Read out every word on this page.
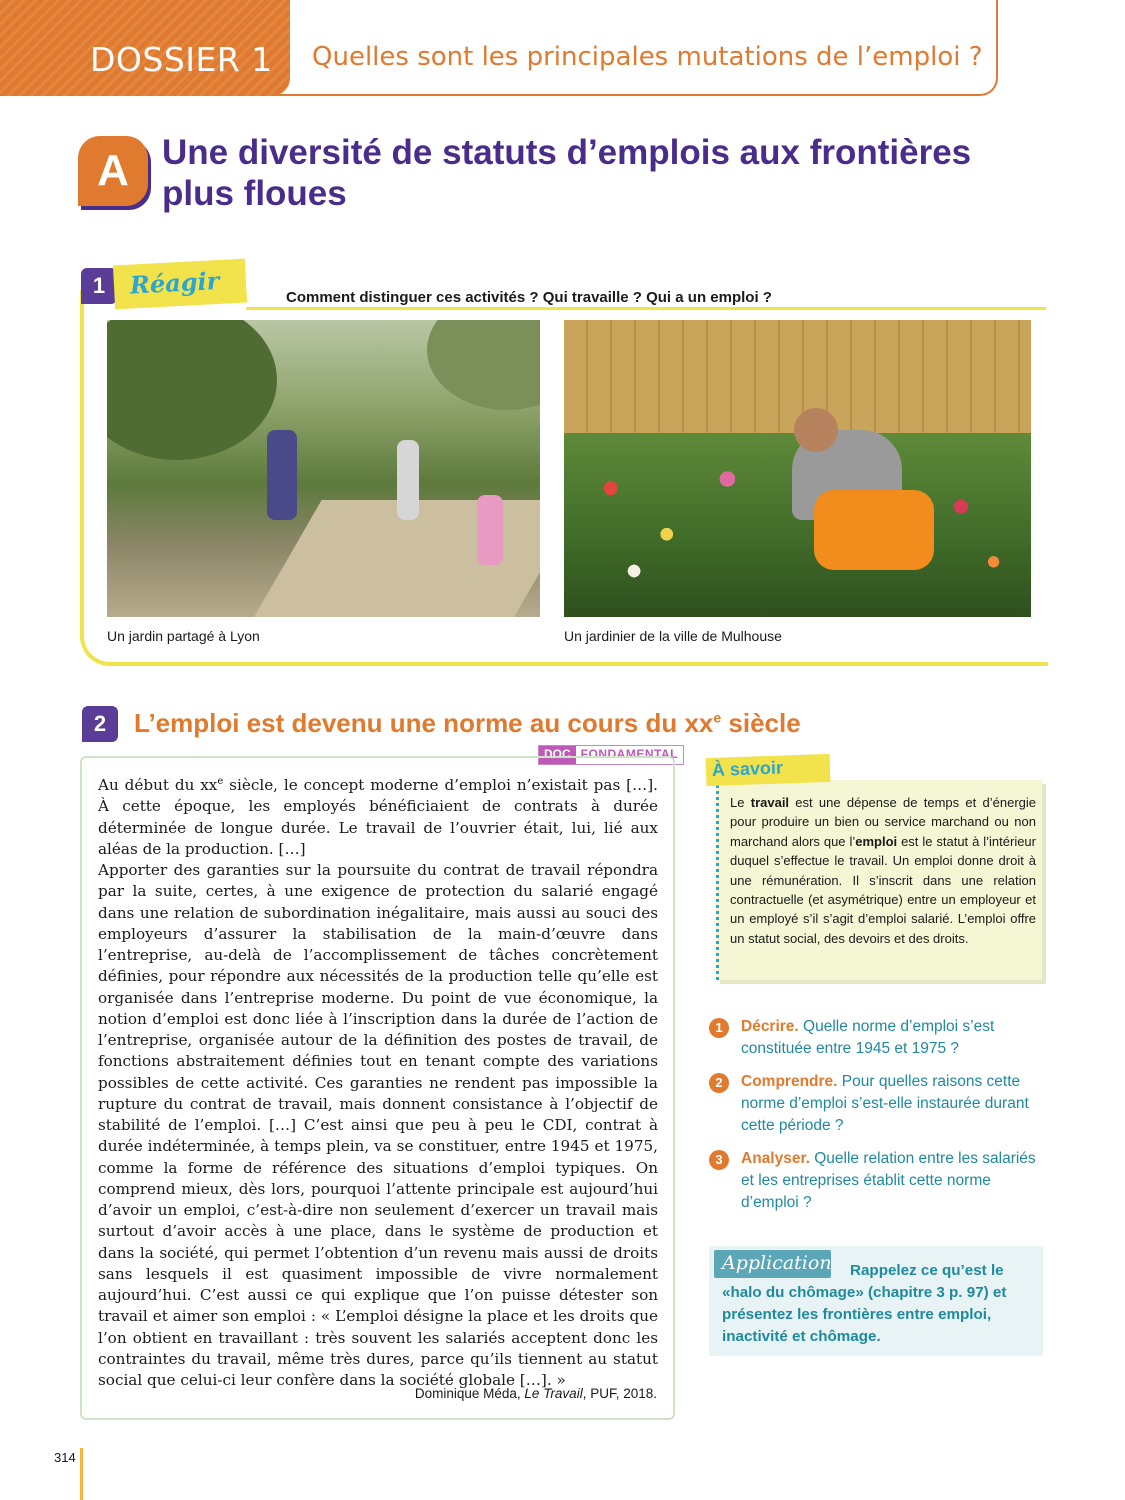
DOSSIER 1 Quelles sont les principales mutations de l’emploi ?
A Une diversité de statuts d’emplois aux frontières
plus floues
1	Réagir	Comment distinguer ces activités ? Qui travaille ? Qui a un emploi ?
Un jardin partagé à Lyon	Un jardinier de la ville de Mulhouse
2	L’emploi est devenu une norme au cours du $xx^e$ siècle
DOC FONDAMENTAL

Au début du $xx^e$ siècle, le concept moderne d’emploi n’existait pas […]. À cette époque, les employés bénéficiaient de contrats à durée déterminée de longue durée. Le travail de l’ouvrier était, lui, lié aux aléas de la production. […]

Apporter des garanties sur la poursuite du contrat de travail répondra par la suite, certes, à une exigence de protection du salarié engagé dans une relation de subordination inégalitaire, mais aussi au souci des employeurs d’assurer la stabilisation de la main-d’œuvre dans l’entreprise, au-delà de l’accomplissement de tâches concrètement définies, pour répondre aux nécessités de la production telle qu’elle est organisée dans l’entreprise moderne. Du point de vue économique, la notion d’emploi est donc liée à l’inscription dans la durée de l’action de l’entreprise, organisée autour de la définition des postes de travail, de fonctions abstraitement définies tout en tenant compte des variations possibles de cette activité. Ces garanties ne rendent pas impossible la rupture du contrat de travail, mais donnent consistance à l’objectif de stabilité de l’emploi. […] C’est ainsi que peu à peu le CDI, contrat à durée indéterminée, à temps plein, va se constituer, entre 1945 et 1975, comme la forme de référence des situations d’emploi typiques. On comprend mieux, dès lors, pourquoi l’attente principale est aujourd’hui d’avoir un emploi, c’est-à-dire non seulement d’exercer un travail mais surtout d’avoir accès à une place, dans le système de production et dans la société, qui permet l’obtention d’un revenu mais aussi de droits sans lesquels il est quasiment impossible de vivre normalement aujourd’hui. C’est aussi ce qui explique que l’on puisse détester son travail et aimer son emploi : « L’emploi désigne la place et les droits que l’on obtient en travaillant : très souvent les salariés acceptent donc les contraintes du travail, même très dures, parce qu’ils tiennent au statut social que celui-ci leur confère dans la société globale […]. »

Dominique Méda, Le Travail, PUF, 2018.
À savoir
Le travail est une dépense de temps et d’énergie pour produire un bien ou service marchand ou non marchand alors que l’emploi est le statut à l’intérieur duquel s’effectue le travail. Un emploi donne droit à une rémunération. Il s’inscrit dans une relation contractuelle (et asymétrique) entre un employeur et un employé s’il s’agit d’emploi salarié. L’emploi offre un statut social, des devoirs et des droits.
1	Décrire. Quelle norme d’emploi s’est constituée entre 1945 et 1975 ?
2	Comprendre. Pour quelles raisons cette norme d’emploi s’est-elle instaurée durant cette période ?
3	Analyser. Quelle relation entre les salariés et les entreprises établit cette norme d’emploi ?
Application	Rappelez ce qu’est le «halo du chômage» (chapitre 3 p. 97) et présentez les frontières entre emploi, inactivité et chômage.
314
